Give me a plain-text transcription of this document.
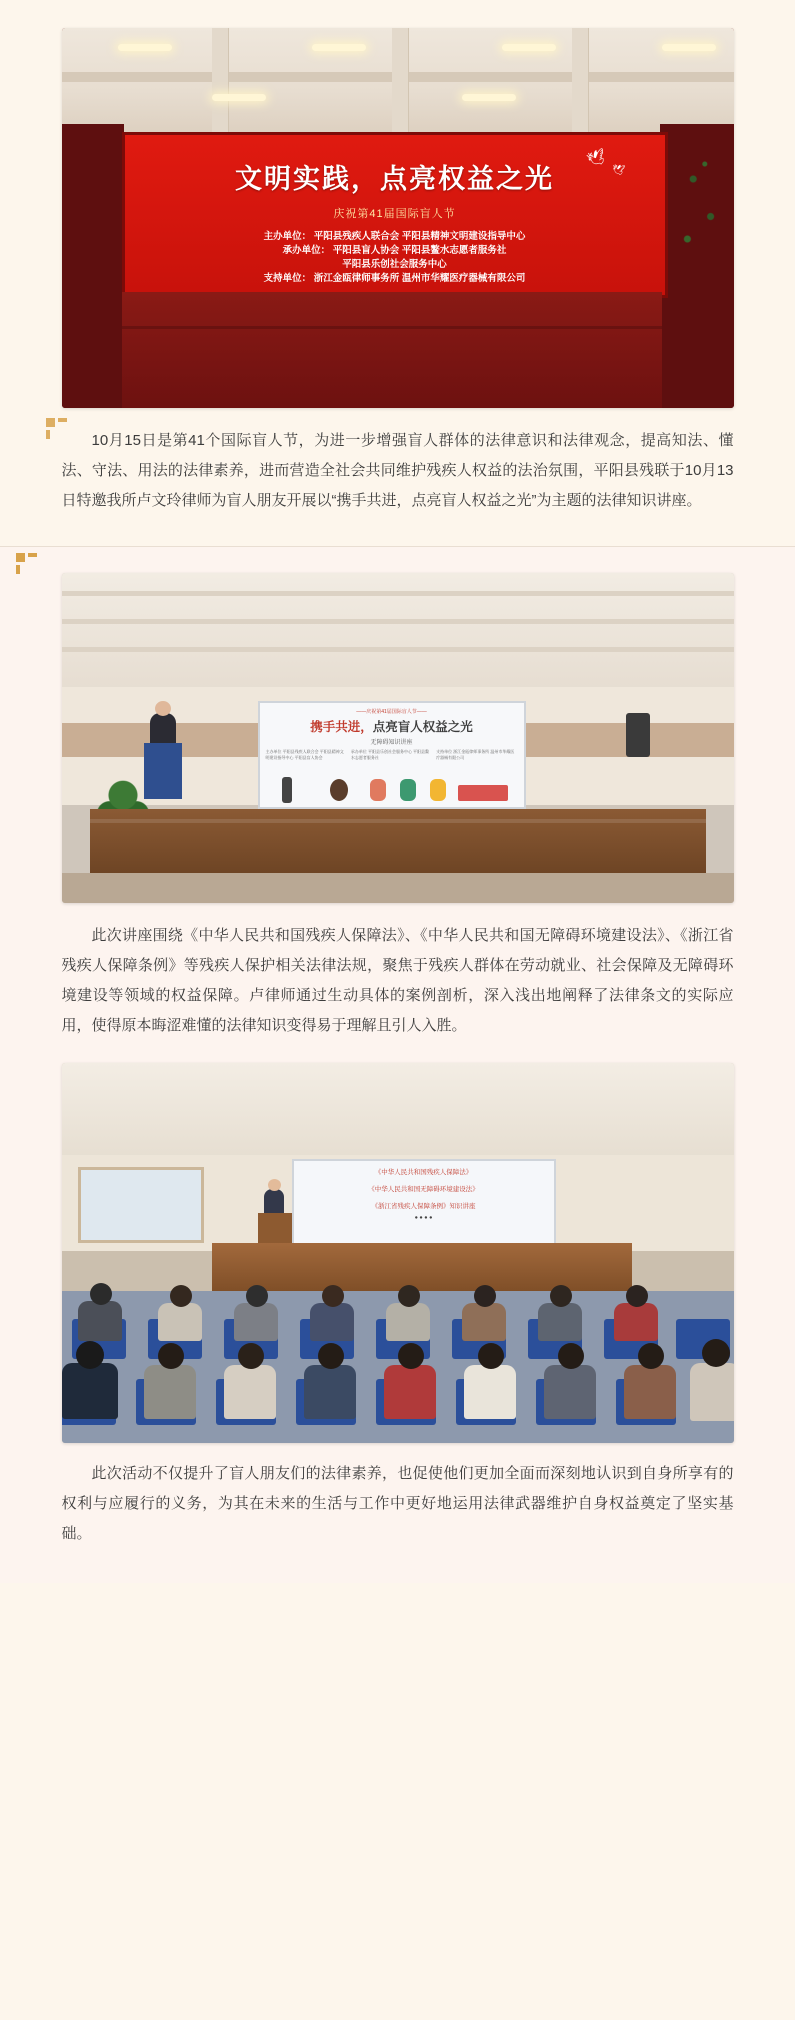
🕊
🕊
文明实践，点亮权益之光
庆祝第41届国际盲人节
主办单位： 平阳县残疾人联合会 平阳县精神文明建设指导中心
承办单位： 平阳县盲人协会 平阳县鳌水志愿者服务社
平阳县乐创社会服务中心
支持单位： 浙江金瓯律师事务所 温州市华耀医疗器械有限公司

10月15日是第41个国际盲人节，为进一步增强盲人群体的法律意识和法律观念，提高知法、懂法、守法、用法的法律素养，进而营造全社会共同维护残疾人权益的法治氛围，平阳县残联于10月13日特邀我所卢文玲律师为盲人朋友开展以“携手共进，点亮盲人权益之光”为主题的法律知识讲座。

——庆祝第41届国际盲人节——
携手共进，点亮盲人权益之光
无障碍知识讲座
主办单位 平阳县残疾人联合会 平阳县精神文明建设指导中心 平阳县盲人协会
承办单位 平阳县乐创社会服务中心 平阳县鳌水志愿者服务社
支持单位 浙江金瓯律师事务所 温州市华耀医疗器械有限公司

此次讲座围绕《中华人民共和国残疾人保障法》、《中华人民共和国无障碍环境建设法》、《浙江省残疾人保障条例》等残疾人保护相关法律法规，聚焦于残疾人群体在劳动就业、社会保障及无障碍环境建设等领域的权益保障。卢律师通过生动具体的案例剖析，深入浅出地阐释了法律条文的实际应用，使得原本晦涩难懂的法律知识变得易于理解且引人入胜。

《中华人民共和国残疾人保障法》
《中华人民共和国无障碍环境建设法》
《浙江省残疾人保障条例》知识讲座
● ● ● ●

此次活动不仅提升了盲人朋友们的法律素养，也促使他们更加全面而深刻地认识到自身所享有的权利与应履行的义务，为其在未来的生活与工作中更好地运用法律武器维护自身权益奠定了坚实基础。
